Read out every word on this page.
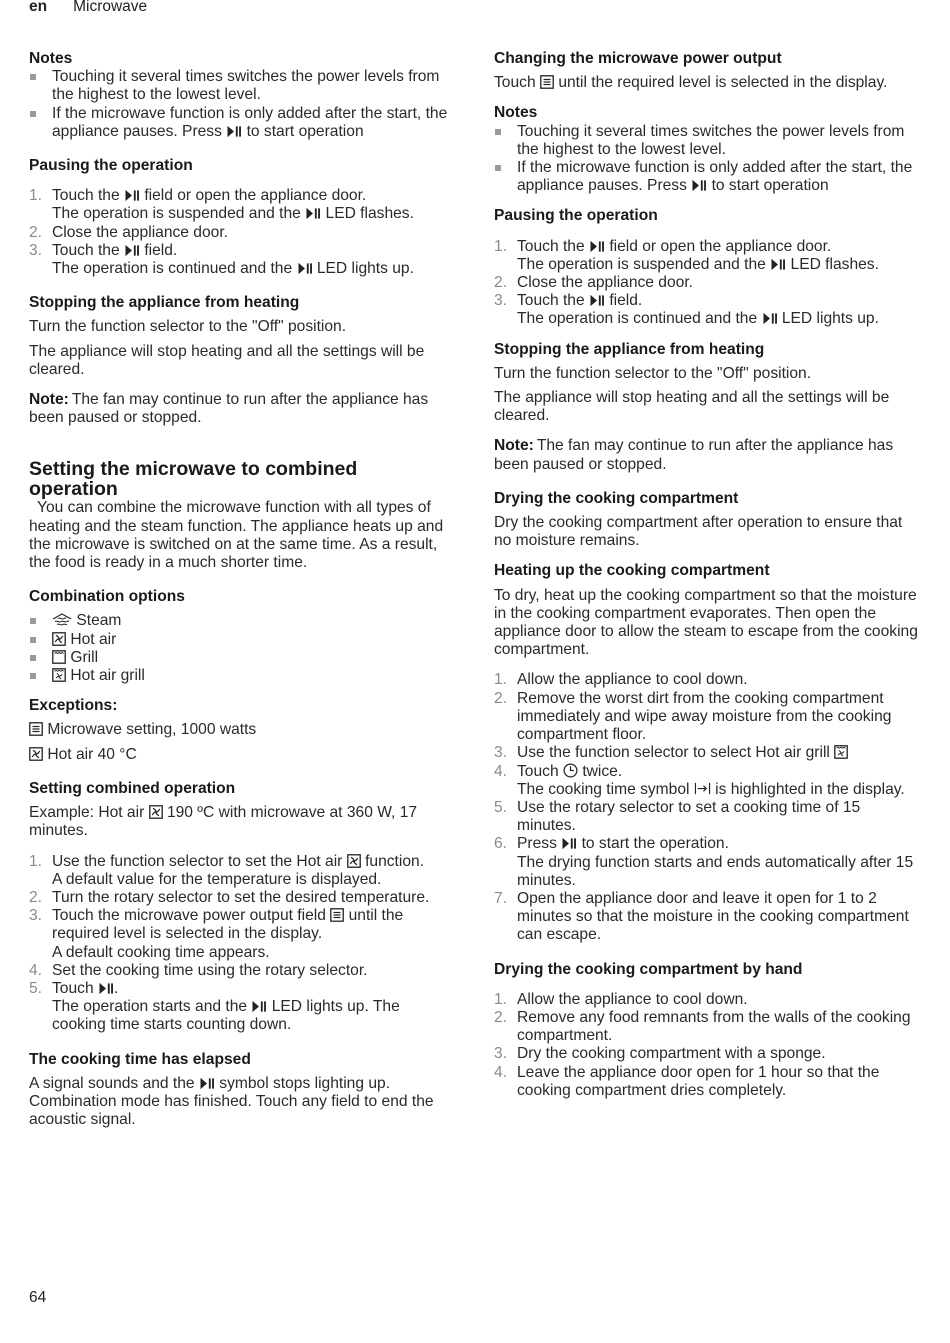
en Microwave
Notes
Touching it several times switches the power levels from the highest to the lowest level.
If the microwave function is only added after the start, the appliance pauses. Press to start operation
Pausing the operation
1. Touch the field or open the appliance door.
The operation is suspended and the LED flashes.
2. Close the appliance door.
3. Touch the field.
The operation is continued and the LED lights up.
Stopping the appliance from heating

Turn the function selector to the "Off" position.

The appliance will stop heating and all the settings will be cleared.

Note: The fan may continue to run after the appliance has been paused or stopped.

Setting the microwave to combined operation

You can combine the microwave function with all types of heating and the steam function. The appliance heats up and the microwave is switched on at the same time. As a result, the food is ready in a much shorter time.

Combination options
Steam
Hot air
Grill
Hot air grill
Exceptions:

Microwave setting, 1000 watts

Hot air 40 °C

Setting combined operation

Example: Hot air 190 ºC with microwave at 360 W, 17 minutes.

1. Use the function selector to set the Hot air function.
A default value for the temperature is displayed.
2. Turn the rotary selector to set the desired temperature.
3. Touch the microwave power output field until the required level is selected in the display.
A default cooking time appears.
4. Set the cooking time using the rotary selector.
5. Touch .
The operation starts and the LED lights up. The cooking time starts counting down.
The cooking time has elapsed

A signal sounds and the symbol stops lighting up. Combination mode has finished. Touch any field to end the acoustic signal.

Changing the microwave power output

Touch until the required level is selected in the display.

Notes
Touching it several times switches the power levels from the highest to the lowest level.
If the microwave function is only added after the start, the appliance pauses. Press to start operation
Pausing the operation
1. Touch the field or open the appliance door.
The operation is suspended and the LED flashes.
2. Close the appliance door.
3. Touch the field.
The operation is continued and the LED lights up.
Stopping the appliance from heating

Turn the function selector to the "Off" position.

The appliance will stop heating and all the settings will be cleared.

Note: The fan may continue to run after the appliance has been paused or stopped.

Drying the cooking compartment

Dry the cooking compartment after operation to ensure that no moisture remains.

Heating up the cooking compartment

To dry, heat up the cooking compartment so that the moisture in the cooking compartment evaporates. Then open the appliance door to allow the steam to escape from the cooking compartment.

1. Allow the appliance to cool down.
2. Remove the worst dirt from the cooking compartment immediately and wipe away moisture from the cooking compartment floor.
3. Use the function selector to select Hot air grill
4. Touch twice.
The cooking time symbol is highlighted in the display.
5. Use the rotary selector to set a cooking time of 15 minutes.
6. Press to start the operation.
The drying function starts and ends automatically after 15 minutes.
7. Open the appliance door and leave it open for 1 to 2 minutes so that the moisture in the cooking compartment can escape.
Drying the cooking compartment by hand
1. Allow the appliance to cool down.
2. Remove any food remnants from the walls of the cooking compartment.
3. Dry the cooking compartment with a sponge.
4. Leave the appliance door open for 1 hour so that the cooking compartment dries completely.
64
